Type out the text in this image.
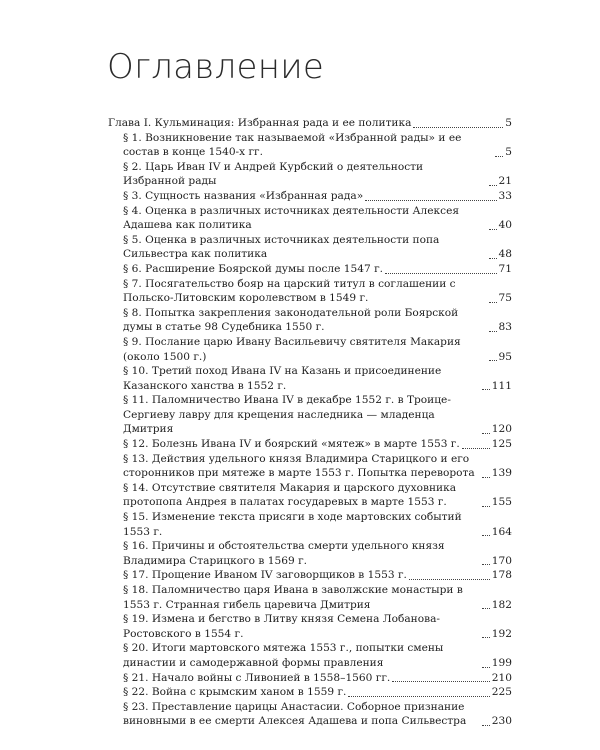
Оглавление
Глава I. Кульминация: Избранная рада и ее политика	5
§ 1. Возникновение так называемой «Избранной рады» и ее состав в конце 1540-х гг.	5
§ 2. Царь Иван IV и Андрей Курбский о деятельности Избранной рады	21
§ 3. Сущность названия «Избранная рада»	33
§ 4. Оценка в различных источниках деятельности Алексея Адашева как политика	40
§ 5. Оценка в различных источниках деятельности попа Сильвестра как политика	48
§ 6. Расширение Боярской думы после 1547 г.	71
§ 7. Посягательство бояр на царский титул в соглашении с Польско-Литовским королевством в 1549 г.	75
§ 8. Попытка закрепления законодательной роли Боярской думы в статье 98 Судебника 1550 г.	83
§ 9. Послание царю Ивану Васильевичу святителя Макария (около 1500 г.)	95
§ 10. Третий поход Ивана IV на Казань и присоединение Казанского ханства в 1552 г.	111
§ 11. Паломничество Ивана IV в декабре 1552 г. в Троице-Сергиеву лавру для крещения наследника — младенца Дмитрия	120
§ 12. Болезнь Ивана IV и боярский «мятеж» в марте 1553 г.	125
§ 13. Действия удельного князя Владимира Старицкого и его сторонников при мятеже в марте 1553 г. Попытка переворота	139
§ 14. Отсутствие святителя Макария и царского духовника протопопа Андрея в палатах государевых в марте 1553 г.	155
§ 15. Изменение текста присяги в ходе мартовских событий 1553 г.	164
§ 16. Причины и обстоятельства смерти удельного князя Владимира Старицкого в 1569 г.	170
§ 17. Прощение Иваном IV заговорщиков в 1553 г.	178
§ 18. Паломничество царя Ивана в заволжские монастыри в 1553 г. Странная гибель царевича Дмитрия	182
§ 19. Измена и бегство в Литву князя Семена Лобанова-Ростовского в 1554 г.	192
§ 20. Итоги мартовского мятежа 1553 г., попытки смены династии и самодержавной формы правления	199
§ 21. Начало войны с Ливонией в 1558–1560 гг.	210
§ 22. Война с крымским ханом в 1559 г.	225
§ 23. Преставление царицы Анастасии. Соборное признание виновными в ее смерти Алексея Адашева и попа Сильвестра	230
